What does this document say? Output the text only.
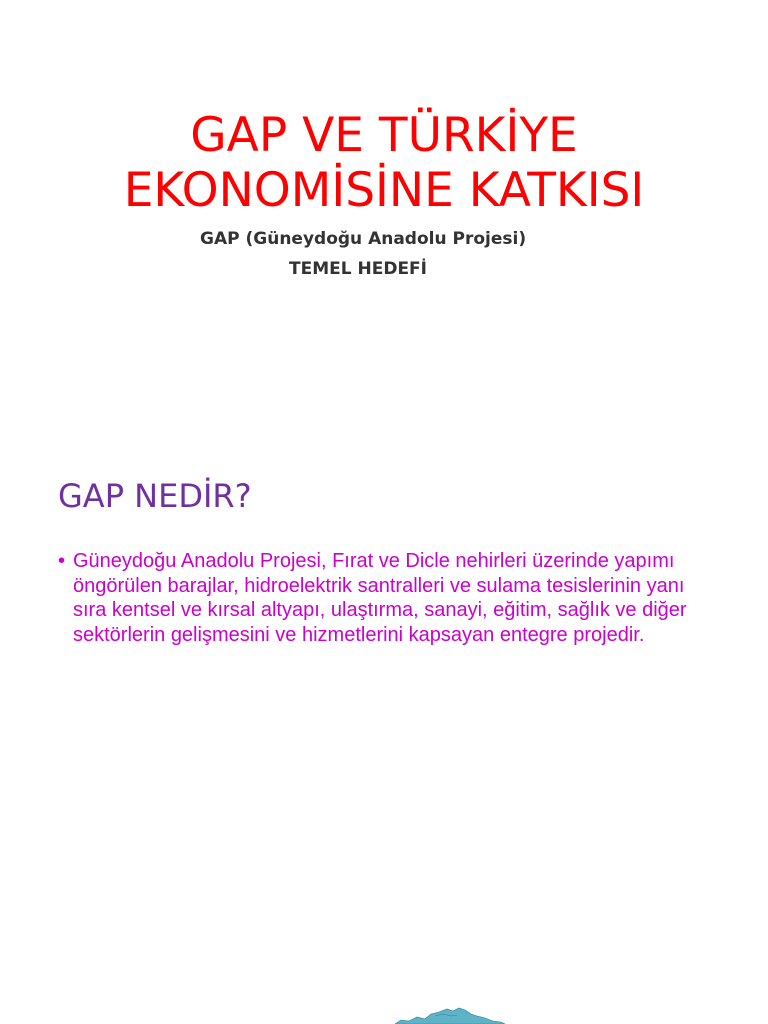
GAP VE TÜRKİYE
EKONOMİSİNE KATKISI
GAP (Güneydoğu Anadolu Projesi)
TEMEL HEDEFİ
GAP NEDİR?
• Güneydoğu Anadolu Projesi, Fırat ve Dicle nehirleri üzerinde yapımı öngörülen barajlar, hidroelektrik santralleri ve sulama tesislerinin yanı sıra kentsel ve kırsal altyapı, ulaştırma, sanayi, eğitim, sağlık ve diğer sektörlerin gelişmesini ve hizmetlerini kapsayan entegre projedir.
